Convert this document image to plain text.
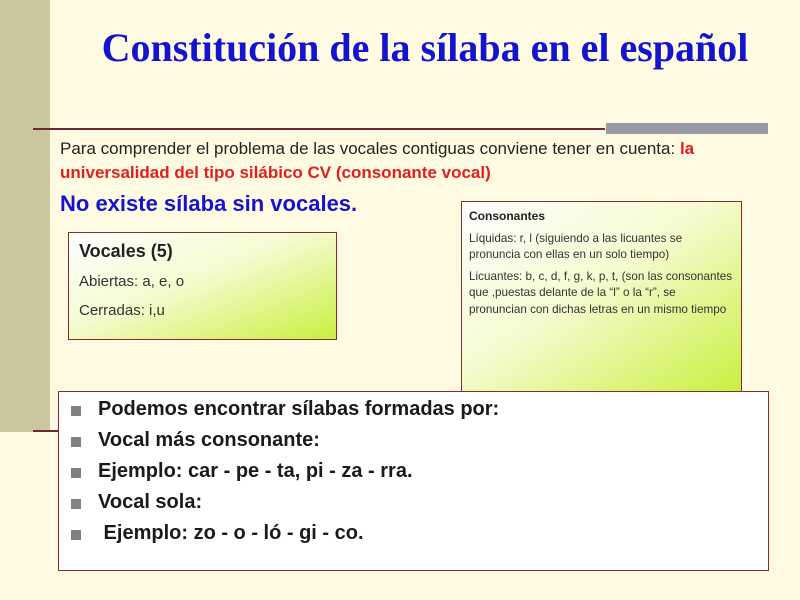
Constitución de la sílaba en el español
Para comprender el problema de las vocales contiguas conviene tener en cuenta: la universalidad del tipo silábico CV (consonante vocal)
No existe sílaba sin vocales.
Vocales (5)
Abiertas: a, e, o
Cerradas: i,u
Consonantes
Líquidas: r, l (siguiendo a las licuantes se pronuncia con ellas en un solo tiempo)
Licuantes: b, c, d, f, g, k, p, t, (son las consonantes que ,puestas delante de la “l” o la “r”, se pronuncian con dichas letras en un mismo tiempo
Podemos encontrar sílabas formadas por:
Vocal más consonante:
Ejemplo: car - pe - ta, pi - za - rra.
Vocal sola:
Ejemplo: zo - o - ló - gi - co.
